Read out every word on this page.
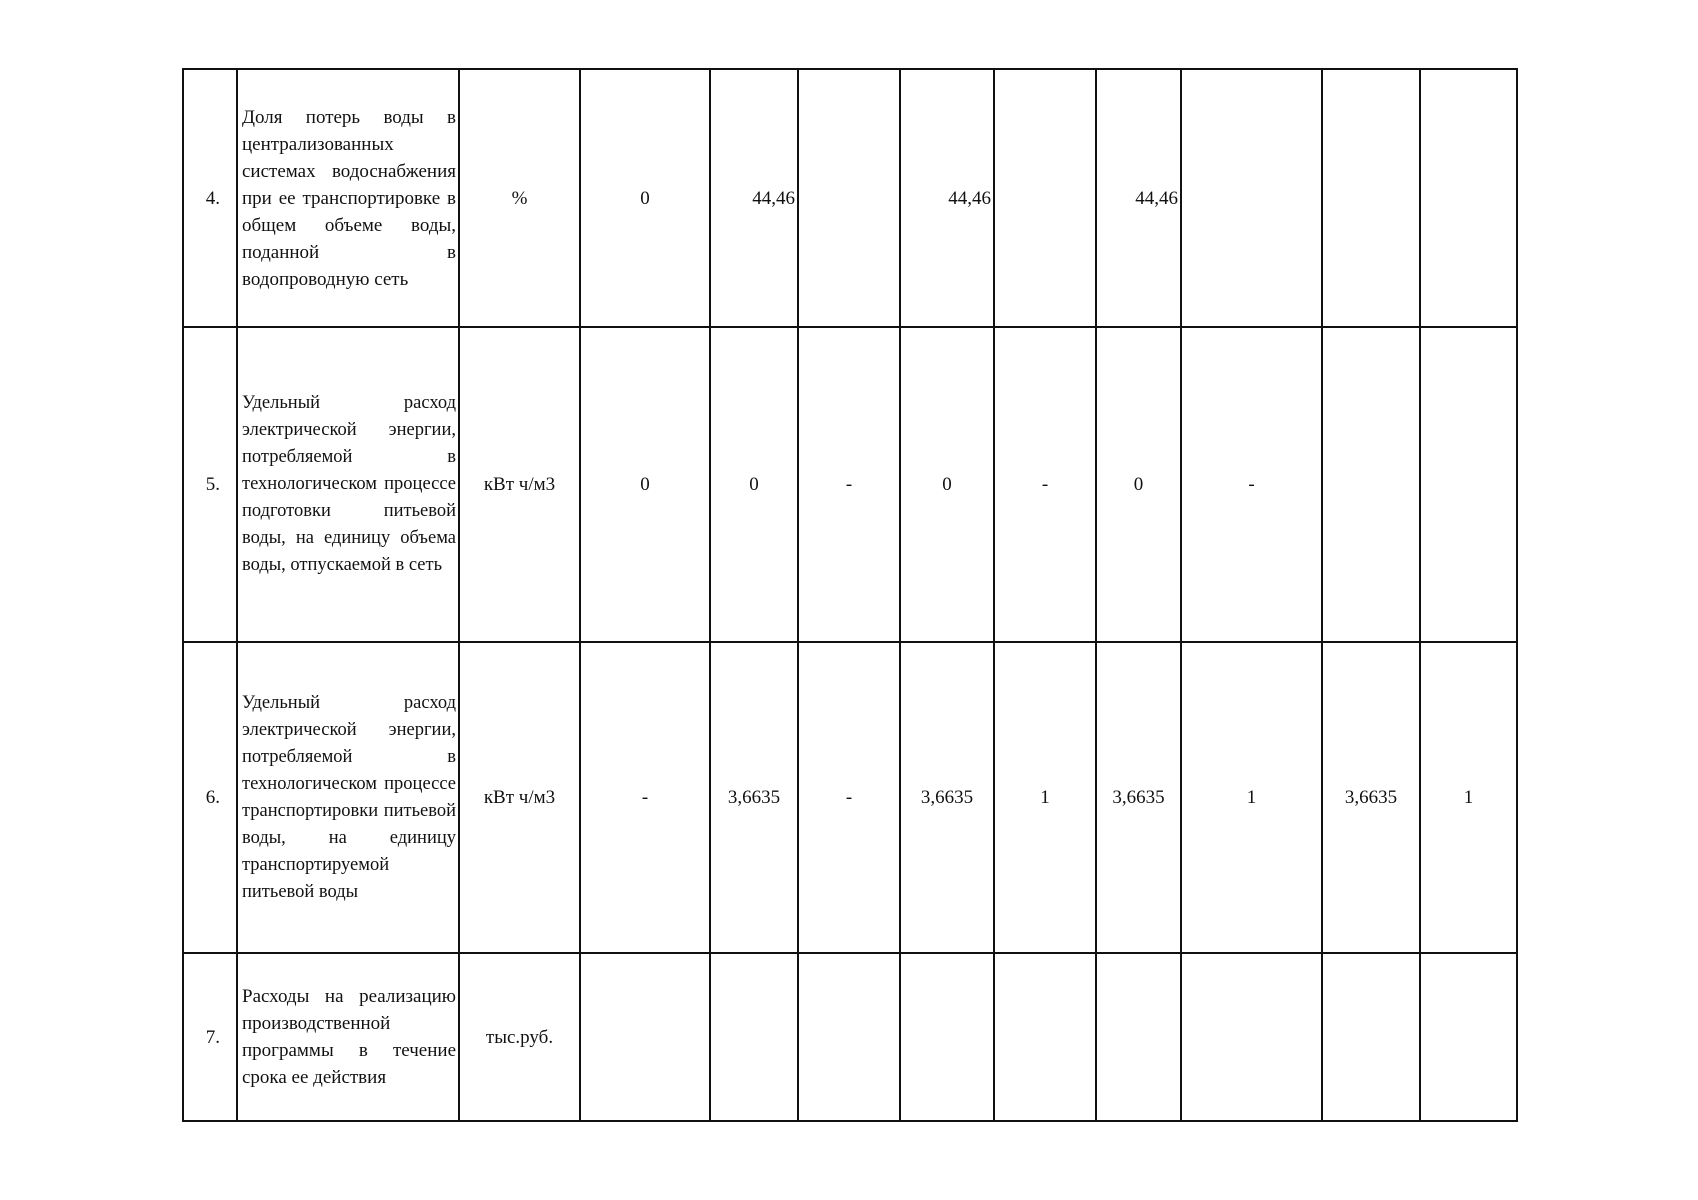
4.	Доля потерь воды в централизованных системах водоснабжения при ее транспортировке в общем объеме воды, поданной в водопроводную сеть	%	0	44,46		44,46		44,46			
5.	Удельный расход электрической энергии, потребляемой в технологическом процессе подготовки питьевой воды, на единицу объема воды, отпускаемой в сеть	кВт ч/м3	0	0	-	0	-	0	-		
6.	Удельный расход электрической энергии, потребляемой в технологическом процессе транспортировки питьевой воды, на единицу транспортируемой питьевой воды	кВт ч/м3	-	3,6635	-	3,6635	1	3,6635	1	3,6635	1
7.	Расходы на реализацию производственной программы в течение срока ее действия	тыс.руб.									
